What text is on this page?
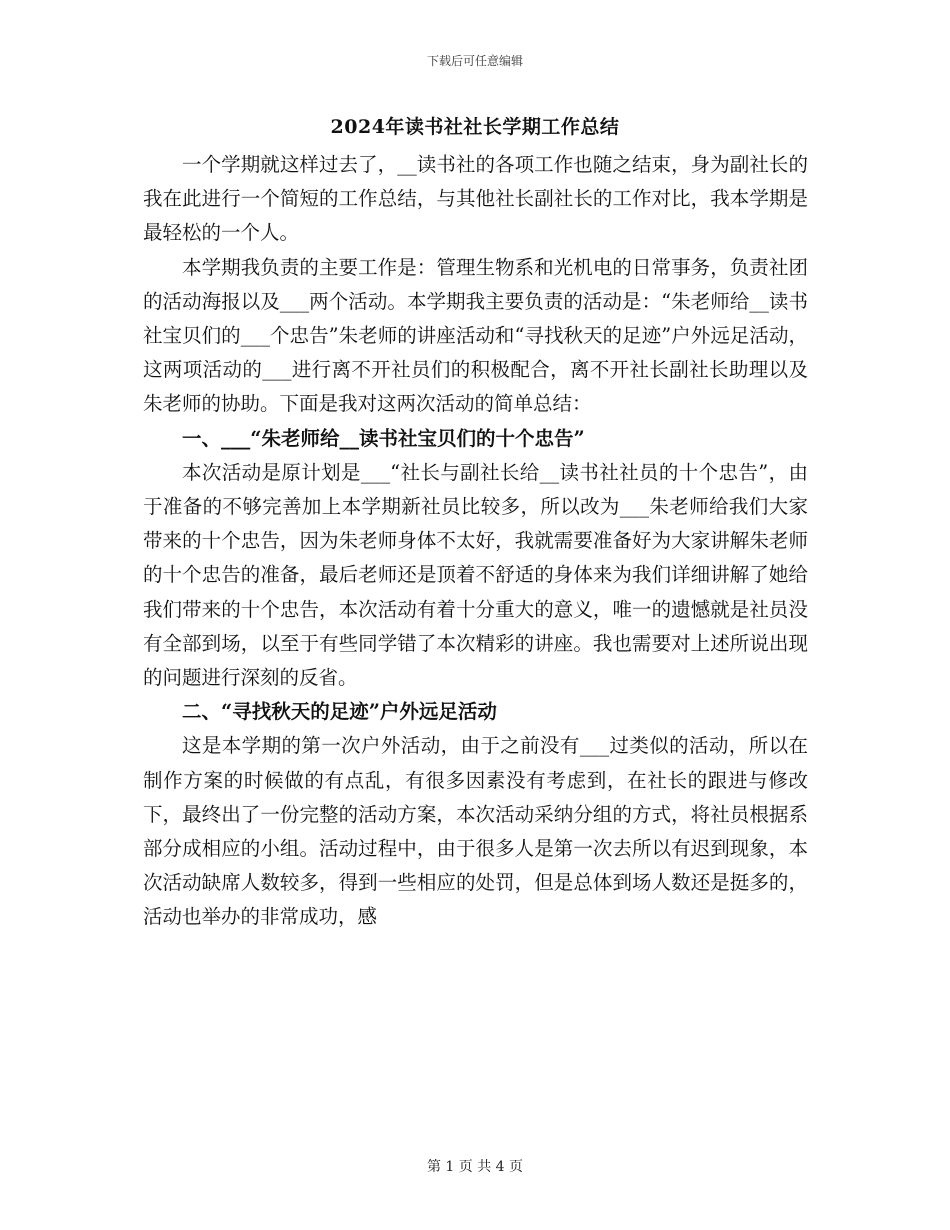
下载后可任意编辑
2024年读书社社长学期工作总结

一个学期就这样过去了，__读书社的各项工作也随之结束，身为副社长的我在此进行一个简短的工作总结，与其他社长副社长的工作对比，我本学期是最轻松的一个人。

本学期我负责的主要工作是：管理生物系和光机电的日常事务，负责社团的活动海报以及___两个活动。本学期我主要负责的活动是：“朱老师给__读书社宝贝们的___个忠告”朱老师的讲座活动和“寻找秋天的足迹”户外远足活动，这两项活动的___进行离不开社员们的积极配合，离不开社长副社长助理以及朱老师的协助。下面是我对这两次活动的简单总结：

一、___“朱老师给__读书社宝贝们的十个忠告”

本次活动是原计划是___“社长与副社长给__读书社社员的十个忠告”，由于准备的不够完善加上本学期新社员比较多，所以改为___朱老师给我们大家带来的十个忠告，因为朱老师身体不太好，我就需要准备好为大家讲解朱老师的十个忠告的准备，最后老师还是顶着不舒适的身体来为我们详细讲解了她给我们带来的十个忠告，本次活动有着十分重大的意义，唯一的遗憾就是社员没有全部到场，以至于有些同学错了本次精彩的讲座。我也需要对上述所说出现的问题进行深刻的反省。

二、“寻找秋天的足迹”户外远足活动

这是本学期的第一次户外活动，由于之前没有___过类似的活动，所以在制作方案的时候做的有点乱，有很多因素没有考虑到，在社长的跟进与修改下，最终出了一份完整的活动方案，本次活动采纳分组的方式，将社员根据系部分成相应的小组。活动过程中，由于很多人是第一次去所以有迟到现象，本次活动缺席人数较多，得到一些相应的处罚，但是总体到场人数还是挺多的，活动也举办的非常成功，感

第 1 页 共 4 页
